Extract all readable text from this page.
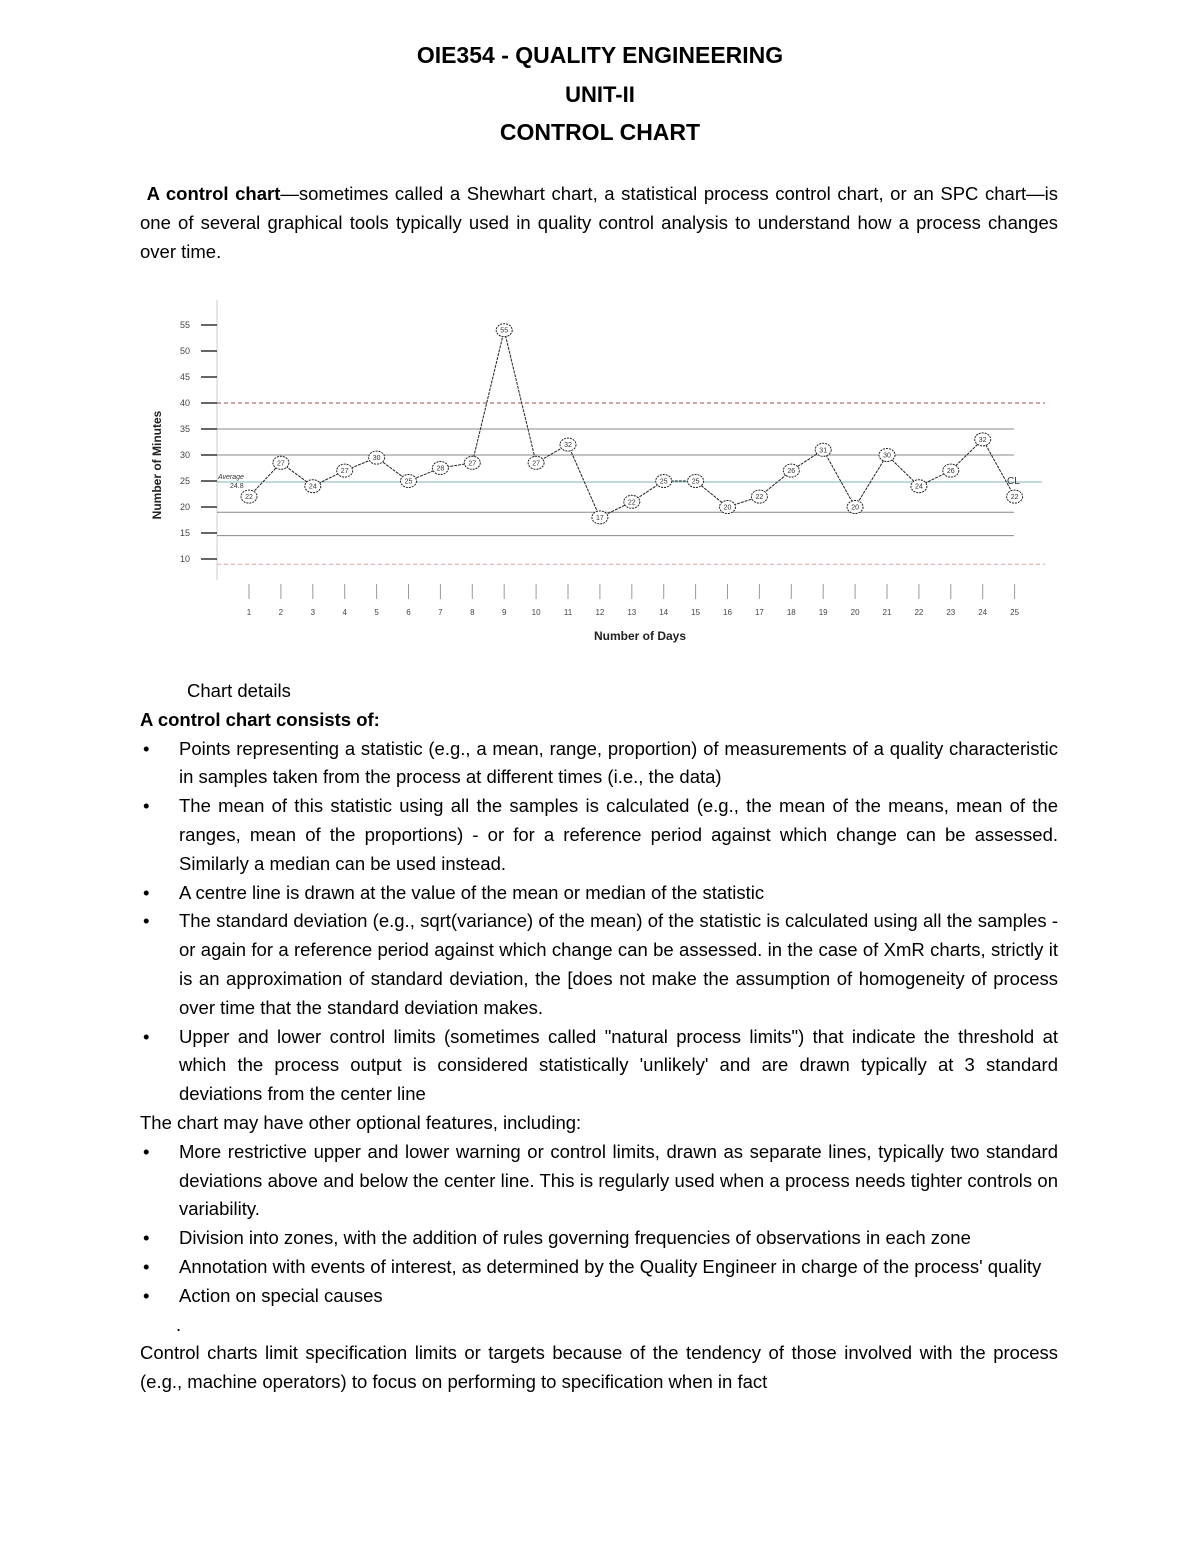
OIE354 - QUALITY ENGINEERING
UNIT-II
CONTROL CHART

A control chart—sometimes called a Shewhart chart, a statistical process control chart, or an SPC chart—is one of several graphical tools typically used in quality control analysis to understand how a process changes over time.

55
50
45
40
35
30
25
20
15
10
Number of Minutes	Average
24.8	CL
22
1
27
2
24
3
27
4
30
5
25
6
28
7
27
8
55
9
27
10
32
11
17
12
22
13
25
14
25
15
20
16
22
17
26
18
31
19
20
20
30
21
24
22
26
23
32
24
22
25
Number of Days

Chart details

A control chart consists of:

• Points representing a statistic (e.g., a mean, range, proportion) of measurements of a quality characteristic in samples taken from the process at different times (i.e., the data)
• The mean of this statistic using all the samples is calculated (e.g., the mean of the means, mean of the ranges, mean of the proportions) - or for a reference period against which change can be assessed. Similarly a median can be used instead.
• A centre line is drawn at the value of the mean or median of the statistic
• The standard deviation (e.g., sqrt(variance) of the mean) of the statistic is calculated using all the samples - or again for a reference period against which change can be assessed. in the case of XmR charts, strictly it is an approximation of standard deviation, the [does not make the assumption of homogeneity of process over time that the standard deviation makes.
• Upper and lower control limits (sometimes called "natural process limits") that indicate the threshold at which the process output is considered statistically 'unlikely' and are drawn typically at 3 standard deviations from the center line

The chart may have other optional features, including:

• More restrictive upper and lower warning or control limits, drawn as separate lines, typically two standard deviations above and below the center line. This is regularly used when a process needs tighter controls on variability.
• Division into zones, with the addition of rules governing frequencies of observations in each zone
• Annotation with events of interest, as determined by the Quality Engineer in charge of the process' quality
• Action on special causes

.

Control charts limit specification limits or targets because of the tendency of those involved with the process (e.g., machine operators) to focus on performing to specification when in fact
